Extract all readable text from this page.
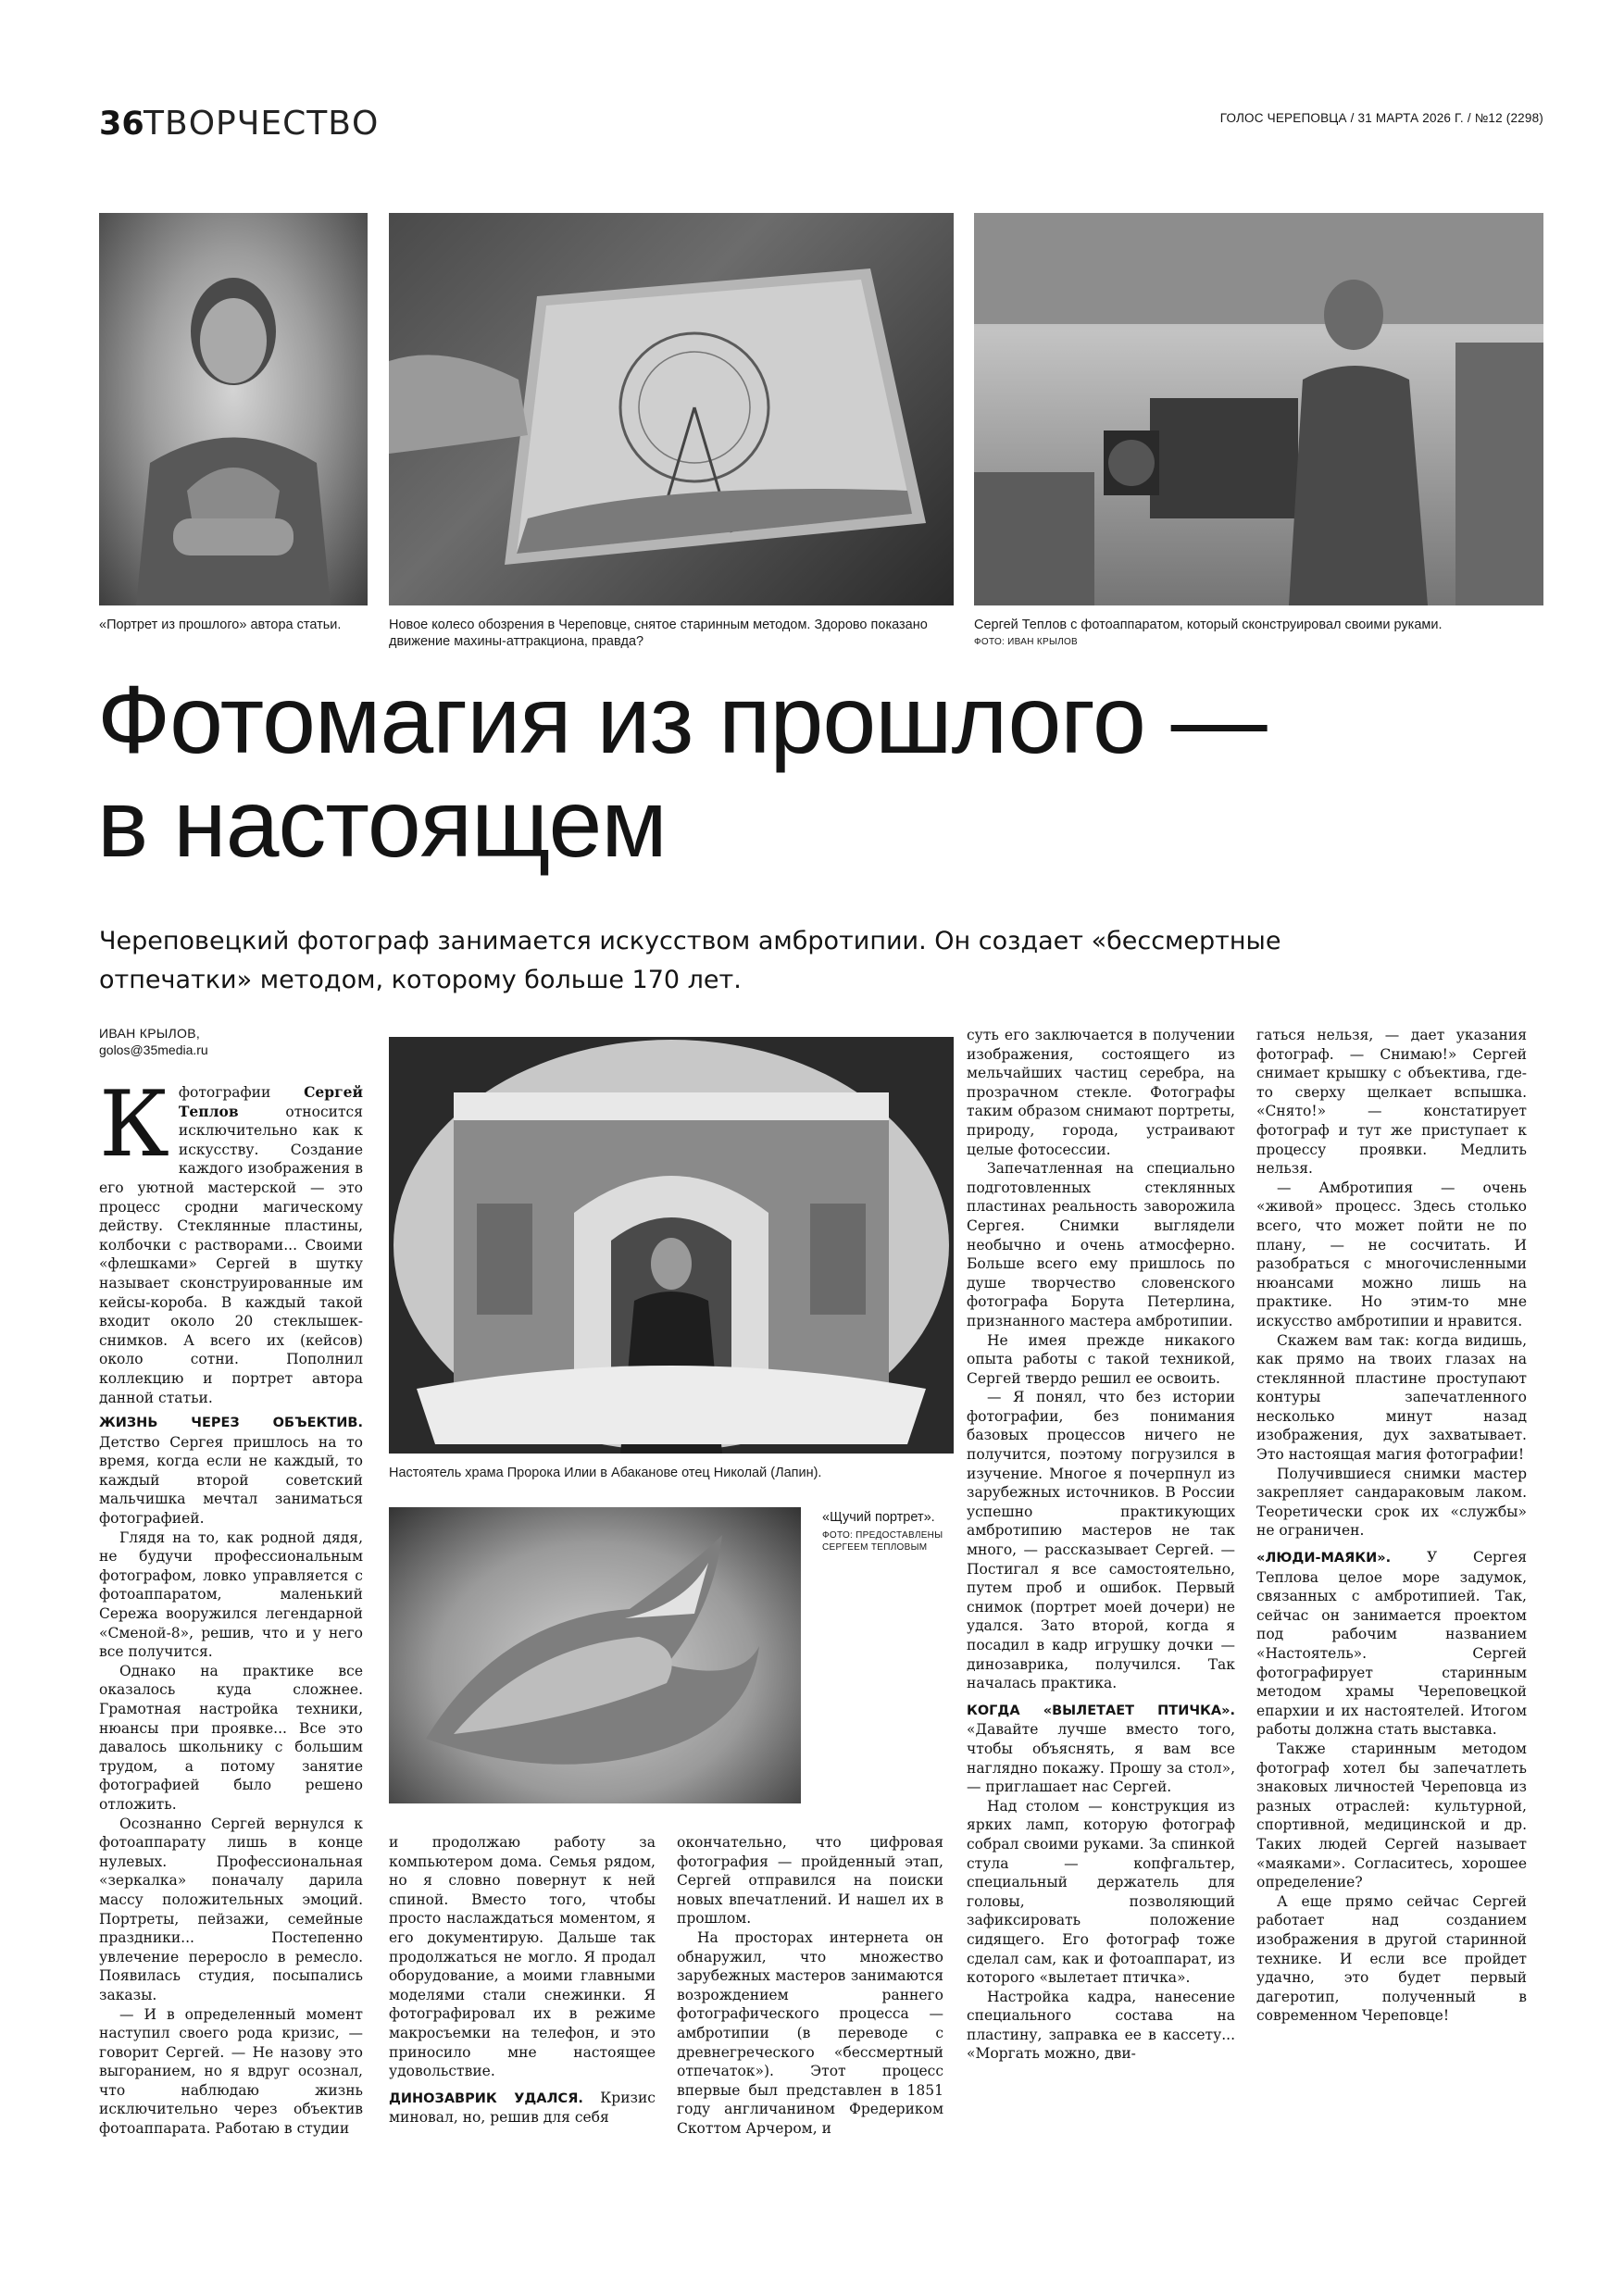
36 ТВОРЧЕСТВО	ГОЛОС ЧЕРЕПОВЦА / 31 МАРТА 2026 Г. / №12 (2298)
«Портрет из прошлого» автора статьи.	Новое колесо обозрения в Череповце, снятое старинным методом. Здорово показано движение махины-аттракциона, правда?
Сергей Теплов с фотоаппаратом, который сконструировал своими руками.
ФОТО: ИВАН КРЫЛОВ
Фотомагия из прошлого —
в настоящем
Череповецкий фотограф занимается искусством амбротипии. Он создает «бессмертные
отпечатки» методом, которому больше 170 лет.
ИВАН КРЫЛОВ,
golos@35media.ru

К фотографии Сергей Теплов относится исключительно как к искусству. Создание каждого изображения в его уютной мастерской — это процесс сродни магическому действу. Стеклянные пластины, колбочки с растворами... Своими «флешками» Сергей в шутку называет сконструированные им кейсы-короба. В каждый такой входит около 20 стеклышек-снимков. А всего их (кейсов) около сотни. Пополнил коллекцию и портрет автора данной статьи.

ЖИЗНЬ ЧЕРЕЗ ОБЪЕКТИВ. Детство Сергея пришлось на то время, когда если не каждый, то каждый второй советский мальчишка мечтал заниматься фотографией.

Глядя на то, как родной дядя, не будучи профессиональным фотографом, ловко управляется с фотоаппаратом, маленький Сережа вооружился легендарной «Сменой-8», решив, что и у него все получится.

Однако на практике все оказалось куда сложнее. Грамотная настройка техники, нюансы при проявке... Все это давалось школьнику с большим трудом, а потому занятие фотографией было решено отложить.

Осознанно Сергей вернулся к фотоаппарату лишь в конце нулевых. Профессиональная «зеркалка» поначалу дарила массу положительных эмоций. Портреты, пейзажи, семейные праздники... Постепенно увлечение переросло в ремесло. Появилась студия, посыпались заказы.

— И в определенный момент наступил своего рода кризис, — говорит Сергей. — Не назову это выгоранием, но я вдруг осознал, что наблюдаю жизнь исключительно через объектив фотоаппарата. Работаю в студии

Настоятель храма Пророка Илии в Абаканове отец Николай (Лапин).
«Щучий портрет».
ФОТО: ПРЕДОСТАВЛЕНЫ СЕРГЕЕМ ТЕПЛОВЫМ

и продолжаю работу за компьютером дома. Семья рядом, но я словно повернут к ней спиной. Вместо того, чтобы просто наслаждаться моментом, я его документирую. Дальше так продолжаться не могло. Я продал оборудование, а моими главными моделями стали снежинки. Я фотографировал их в режиме макросъемки на телефон, и это приносило мне настоящее удовольствие.

ДИНОЗАВРИК УДАЛСЯ. Кризис миновал, но, решив для себя

окончательно, что цифровая фотография — пройденный этап, Сергей отправился на поиски новых впечатлений. И нашел их в прошлом.

На просторах интернета он обнаружил, что множество зарубежных мастеров занимаются возрождением раннего фотографического процесса — амбротипии (в переводе с древнегреческого «бессмертный отпечаток»). Этот процесс впервые был представлен в 1851 году англичанином Фредериком Скоттом Арчером, и

суть его заключается в получении изображения, состоящего из мельчайших частиц серебра, на прозрачном стекле. Фотографы таким образом снимают портреты, природу, города, устраивают целые фотосессии.

Запечатленная на специально подготовленных стеклянных пластинах реальность заворожила Сергея. Снимки выглядели необычно и очень атмосферно. Больше всего ему пришлось по душе творчество словенского фотографа Борута Петерлина, признанного мастера амбротипии.

Не имея прежде никакого опыта работы с такой техникой, Сергей твердо решил ее освоить.

— Я понял, что без истории фотографии, без понимания базовых процессов ничего не получится, поэтому погрузился в изучение. Многое я почерпнул из зарубежных источников. В России успешно практикующих амбротипию мастеров не так много, — рассказывает Сергей. — Постигал я все самостоятельно, путем проб и ошибок. Первый снимок (портрет моей дочери) не удался. Зато второй, когда я посадил в кадр игрушку дочки — динозаврика, получился. Так началась практика.

КОГДА «ВЫЛЕТАЕТ ПТИЧКА». «Давайте лучше вместо того, чтобы объяснять, я вам все наглядно покажу. Прошу за стол», — приглашает нас Сергей.

Над столом — конструкция из ярких ламп, которую фотограф собрал своими руками. За спинкой стула — копфгальтер, специальный держатель для головы, позволяющий зафиксировать положение сидящего. Его фотограф тоже сделал сам, как и фотоаппарат, из которого «вылетает птичка».

Настройка кадра, нанесение специального состава на пластину, заправка ее в кассету... «Моргать можно, дви-

гаться нельзя, — дает указания фотограф. — Снимаю!» Сергей снимает крышку с объектива, где-то сверху щелкает вспышка. «Снято!» — констатирует фотограф и тут же приступает к процессу проявки. Медлить нельзя.

— Амбротипия — очень «живой» процесс. Здесь столько всего, что может пойти не по плану, — не сосчитать. И разобраться с многочисленными нюансами можно лишь на практике. Но этим-то мне искусство амбротипии и нравится.

Скажем вам так: когда видишь, как прямо на твоих глазах на стеклянной пластине проступают контуры запечатленного несколько минут назад изображения, дух захватывает. Это настоящая магия фотографии!

Получившиеся снимки мастер закрепляет сандараковым лаком. Теоретически срок их «службы» не ограничен.

«ЛЮДИ-МАЯКИ». У Сергея Теплова целое море задумок, связанных с амбротипией. Так, сейчас он занимается проектом под рабочим названием «Настоятель». Сергей фотографирует старинным методом храмы Череповецкой епархии и их настоятелей. Итогом работы должна стать выставка.

Также старинным методом фотограф хотел бы запечатлеть знаковых личностей Череповца из разных отраслей: культурной, спортивной, медицинской и др. Таких людей Сергей называет «маяками». Согласитесь, хорошее определение?

А еще прямо сейчас Сергей работает над созданием изображения в другой старинной технике. И если все пройдет удачно, это будет первый дагеротип, полученный в современном Череповце!
